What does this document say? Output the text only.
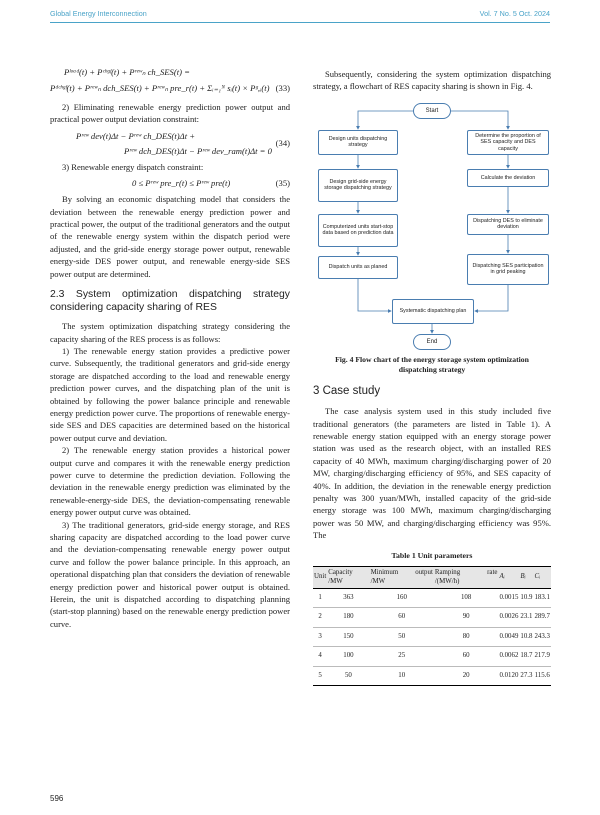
Global Energy Interconnection	Vol. 7 No. 5 Oct. 2024
Pˡᵒᵃᵈ(t) + Pᶜʰᵍᶠ(t) + Pʳᵉʷₙ ch_SES(t) =
Pᵈᶜʰᵍᶠ(t) + Pʳᵉʷₙ dch_SES(t) + Pʳᵉʷₙ pre_r(t) + Σᵢ₌₁ᴺ sᵢ(t) × Pᵍ,ᵢ(t) (33)

2) Eliminating renewable energy prediction power output and practical power output deviation constraint:

Pʳᵉʷ dev(t)Δt − Pʳᵉʷ ch_DES(t)Δt +
Pʳᵉʷ dch_DES(t)Δt − Pʳᵉʷ dev_ram(t)Δt = 0
(34)

3) Renewable energy dispatch constraint:

0 ≤ Pʳᵉʷ pre_r(t) ≤ Pʳᵉʷ pre(t)	(35)

By solving an economic dispatching model that considers the deviation between the renewable energy prediction power and practical power, the output of the traditional generators and the output of the renewable energy system within the dispatch period were adjusted, and the grid-side energy storage power output, renewable energy-side DES power output, and renewable energy-side SES power output are determined.

2.3 System optimization dispatching strategy considering capacity sharing of RES

The system optimization dispatching strategy considering the capacity sharing of the RES process is as follows:

1) The renewable energy station provides a predictive power curve. Subsequently, the traditional generators and grid-side energy storage are dispatched according to the load and renewable energy prediction power curves, and the dispatching plan of the unit is obtained by following the power balance principle and renewable energy prediction power curve. The proportions of renewable energy-side SES and DES capacities are determined based on the historical power output curve and deviation.

2) The renewable energy station provides a historical power output curve and compares it with the renewable energy prediction power curve to determine the prediction deviation. Following the deviation in the renewable energy prediction was eliminated by the renewable-energy-side DES, the deviation-compensating renewable energy power output curve was obtained.

3) The traditional generators, grid-side energy storage, and RES sharing capacity are dispatched according to the load power curve and the deviation-compensating renewable energy power output curve and follow the power balance principle. In this approach, an operational dispatching plan that considers the deviation of renewable energy prediction power and historical power output is obtained. Herein, the unit is dispatched according to dispatching planning (start-stop planning) based on the renewable energy prediction power curve.

Subsequently, considering the system optimization dispatching strategy, a flowchart of RES capacity sharing is shown in Fig. 4.

Start
Design units dispatching strategy
Design grid-side energy storage dispatching strategy
Computerized units start-stop data based on prediction data
Dispatch units as planed
Determine the proportion of SES capacity and DES capacity
Calculate the deviation
Dispatching DES to eliminate deviation
Dispatching SES participation in grid peaking
Systematic dispatching plan
End
Fig. 4 Flow chart of the energy storage system optimization dispatching strategy
3 Case study

The case analysis system used in this study included five traditional generators (the parameters are listed in Table 1). A renewable energy station equipped with an energy storage power station was used as the research object, with an installed RES capacity of 40 MWh, maximum charging/discharging power of 20 MW, charging/discharging efficiency of 95%, and SES capacity of 40%. In addition, the deviation in the renewable energy prediction penalty was 300 yuan/MWh, installed capacity of the grid-side energy storage was 100 MWh, maximum charging/discharging power was 50 MW, and charging/discharging efficiency was 95%. The

Table 1 Unit parameters
Unit	Capacity /MW	Minimum output /MW	Ramping rate /(MW/h)	Aᵢ	Bᵢ	Cᵢ
1	363	160	108	0.0015	10.9	183.1
2	180	60	90	0.0026	23.1	289.7
3	150	50	80	0.0049	10.8	243.3
4	100	25	60	0.0062	18.7	217.9
5	50	10	20	0.0120	27.3	115.6
596
